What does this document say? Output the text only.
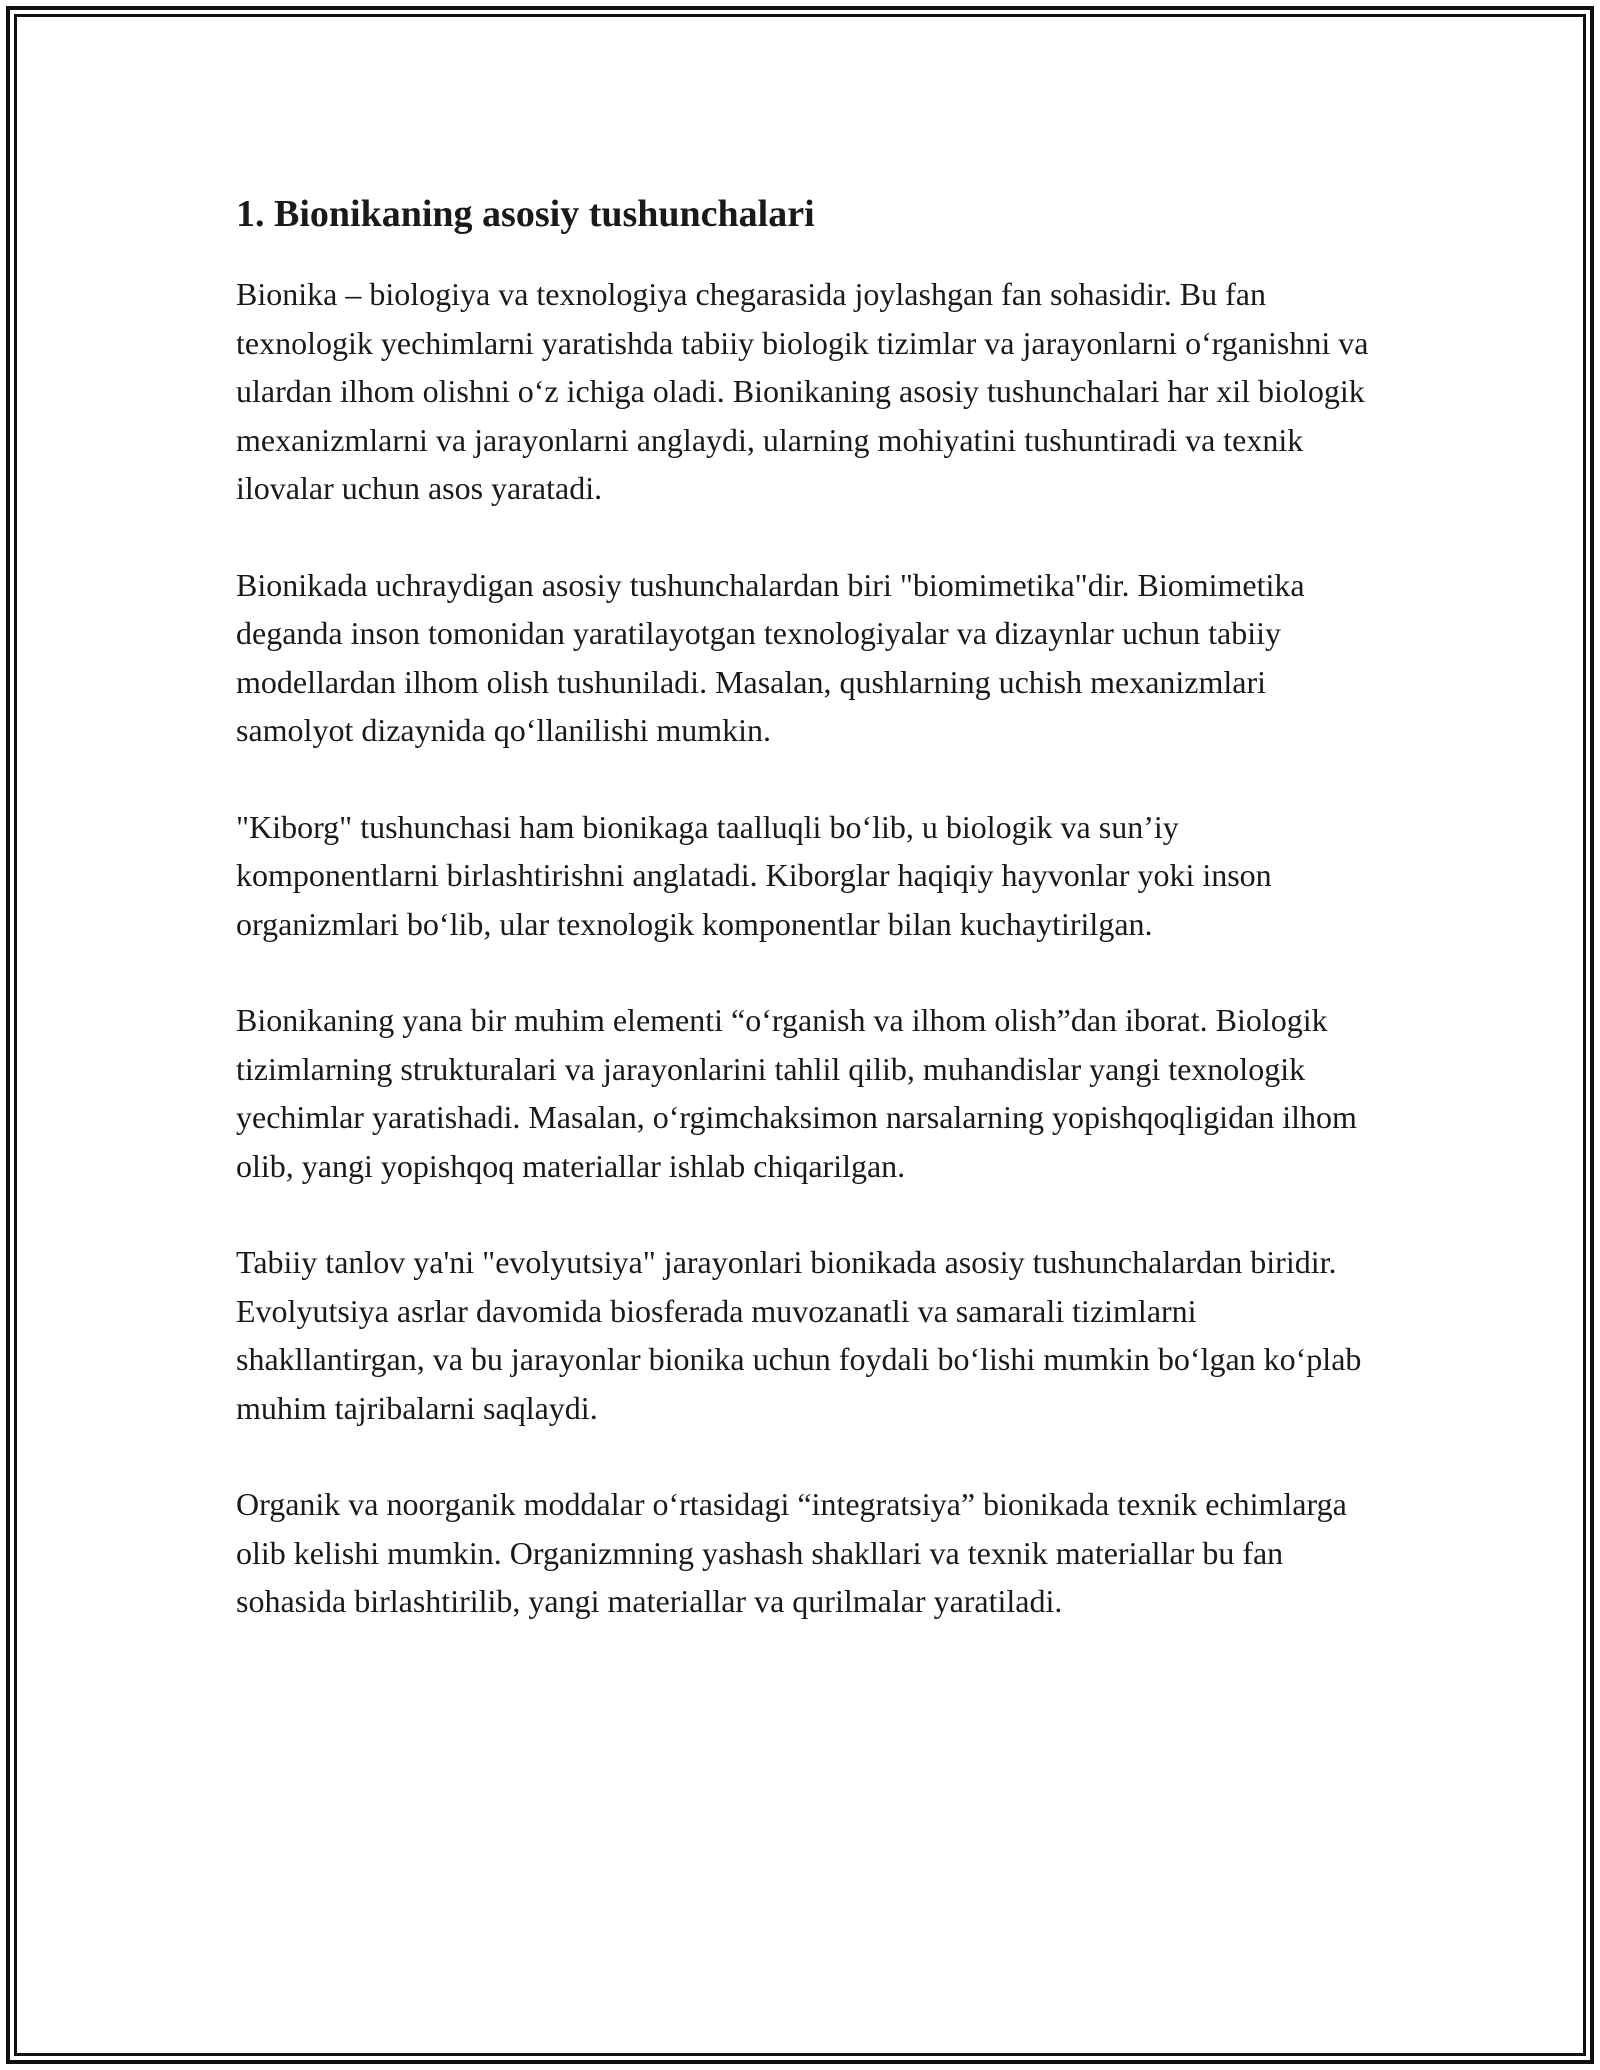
1. Bionikaning asosiy tushunchalari

Bionika – biologiya va texnologiya chegarasida joylashgan fan sohasidir. Bu fan texnologik yechimlarni yaratishda tabiiy biologik tizimlar va jarayonlarni oʻrganishni va ulardan ilhom olishni oʻz ichiga oladi. Bionikaning asosiy tushunchalari har xil biologik mexanizmlarni va jarayonlarni anglaydi, ularning mohiyatini tushuntiradi va texnik ilovalar uchun asos yaratadi.

Bionikada uchraydigan asosiy tushunchalardan biri "biomimetika"dir. Biomimetika deganda inson tomonidan yaratilayotgan texnologiyalar va dizaynlar uchun tabiiy modellardan ilhom olish tushuniladi. Masalan, qushlarning uchish mexanizmlari samolyot dizaynida qoʻllanilishi mumkin.

"Kiborg" tushunchasi ham bionikaga taalluqli boʻlib, u biologik va sun’iy komponentlarni birlashtirishni anglatadi. Kiborglar haqiqiy hayvonlar yoki inson organizmlari boʻlib, ular texnologik komponentlar bilan kuchaytirilgan.

Bionikaning yana bir muhim elementi “oʻrganish va ilhom olish”dan iborat. Biologik tizimlarning strukturalari va jarayonlarini tahlil qilib, muhandislar yangi texnologik yechimlar yaratishadi. Masalan, oʻrgimchaksimon narsalarning yopishqoqligidan ilhom olib, yangi yopishqoq materiallar ishlab chiqarilgan.

Tabiiy tanlov ya'ni "evolyutsiya" jarayonlari bionikada asosiy tushunchalardan biridir. Evolyutsiya asrlar davomida biosferada muvozanatli va samarali tizimlarni shakllantirgan, va bu jarayonlar bionika uchun foydali boʻlishi mumkin boʻlgan koʻplab muhim tajribalarni saqlaydi.

Organik va noorganik moddalar oʻrtasidagi “integratsiya” bionikada texnik echimlarga olib kelishi mumkin. Organizmning yashash shakllari va texnik materiallar bu fan sohasida birlashtirilib, yangi materiallar va qurilmalar yaratiladi.
